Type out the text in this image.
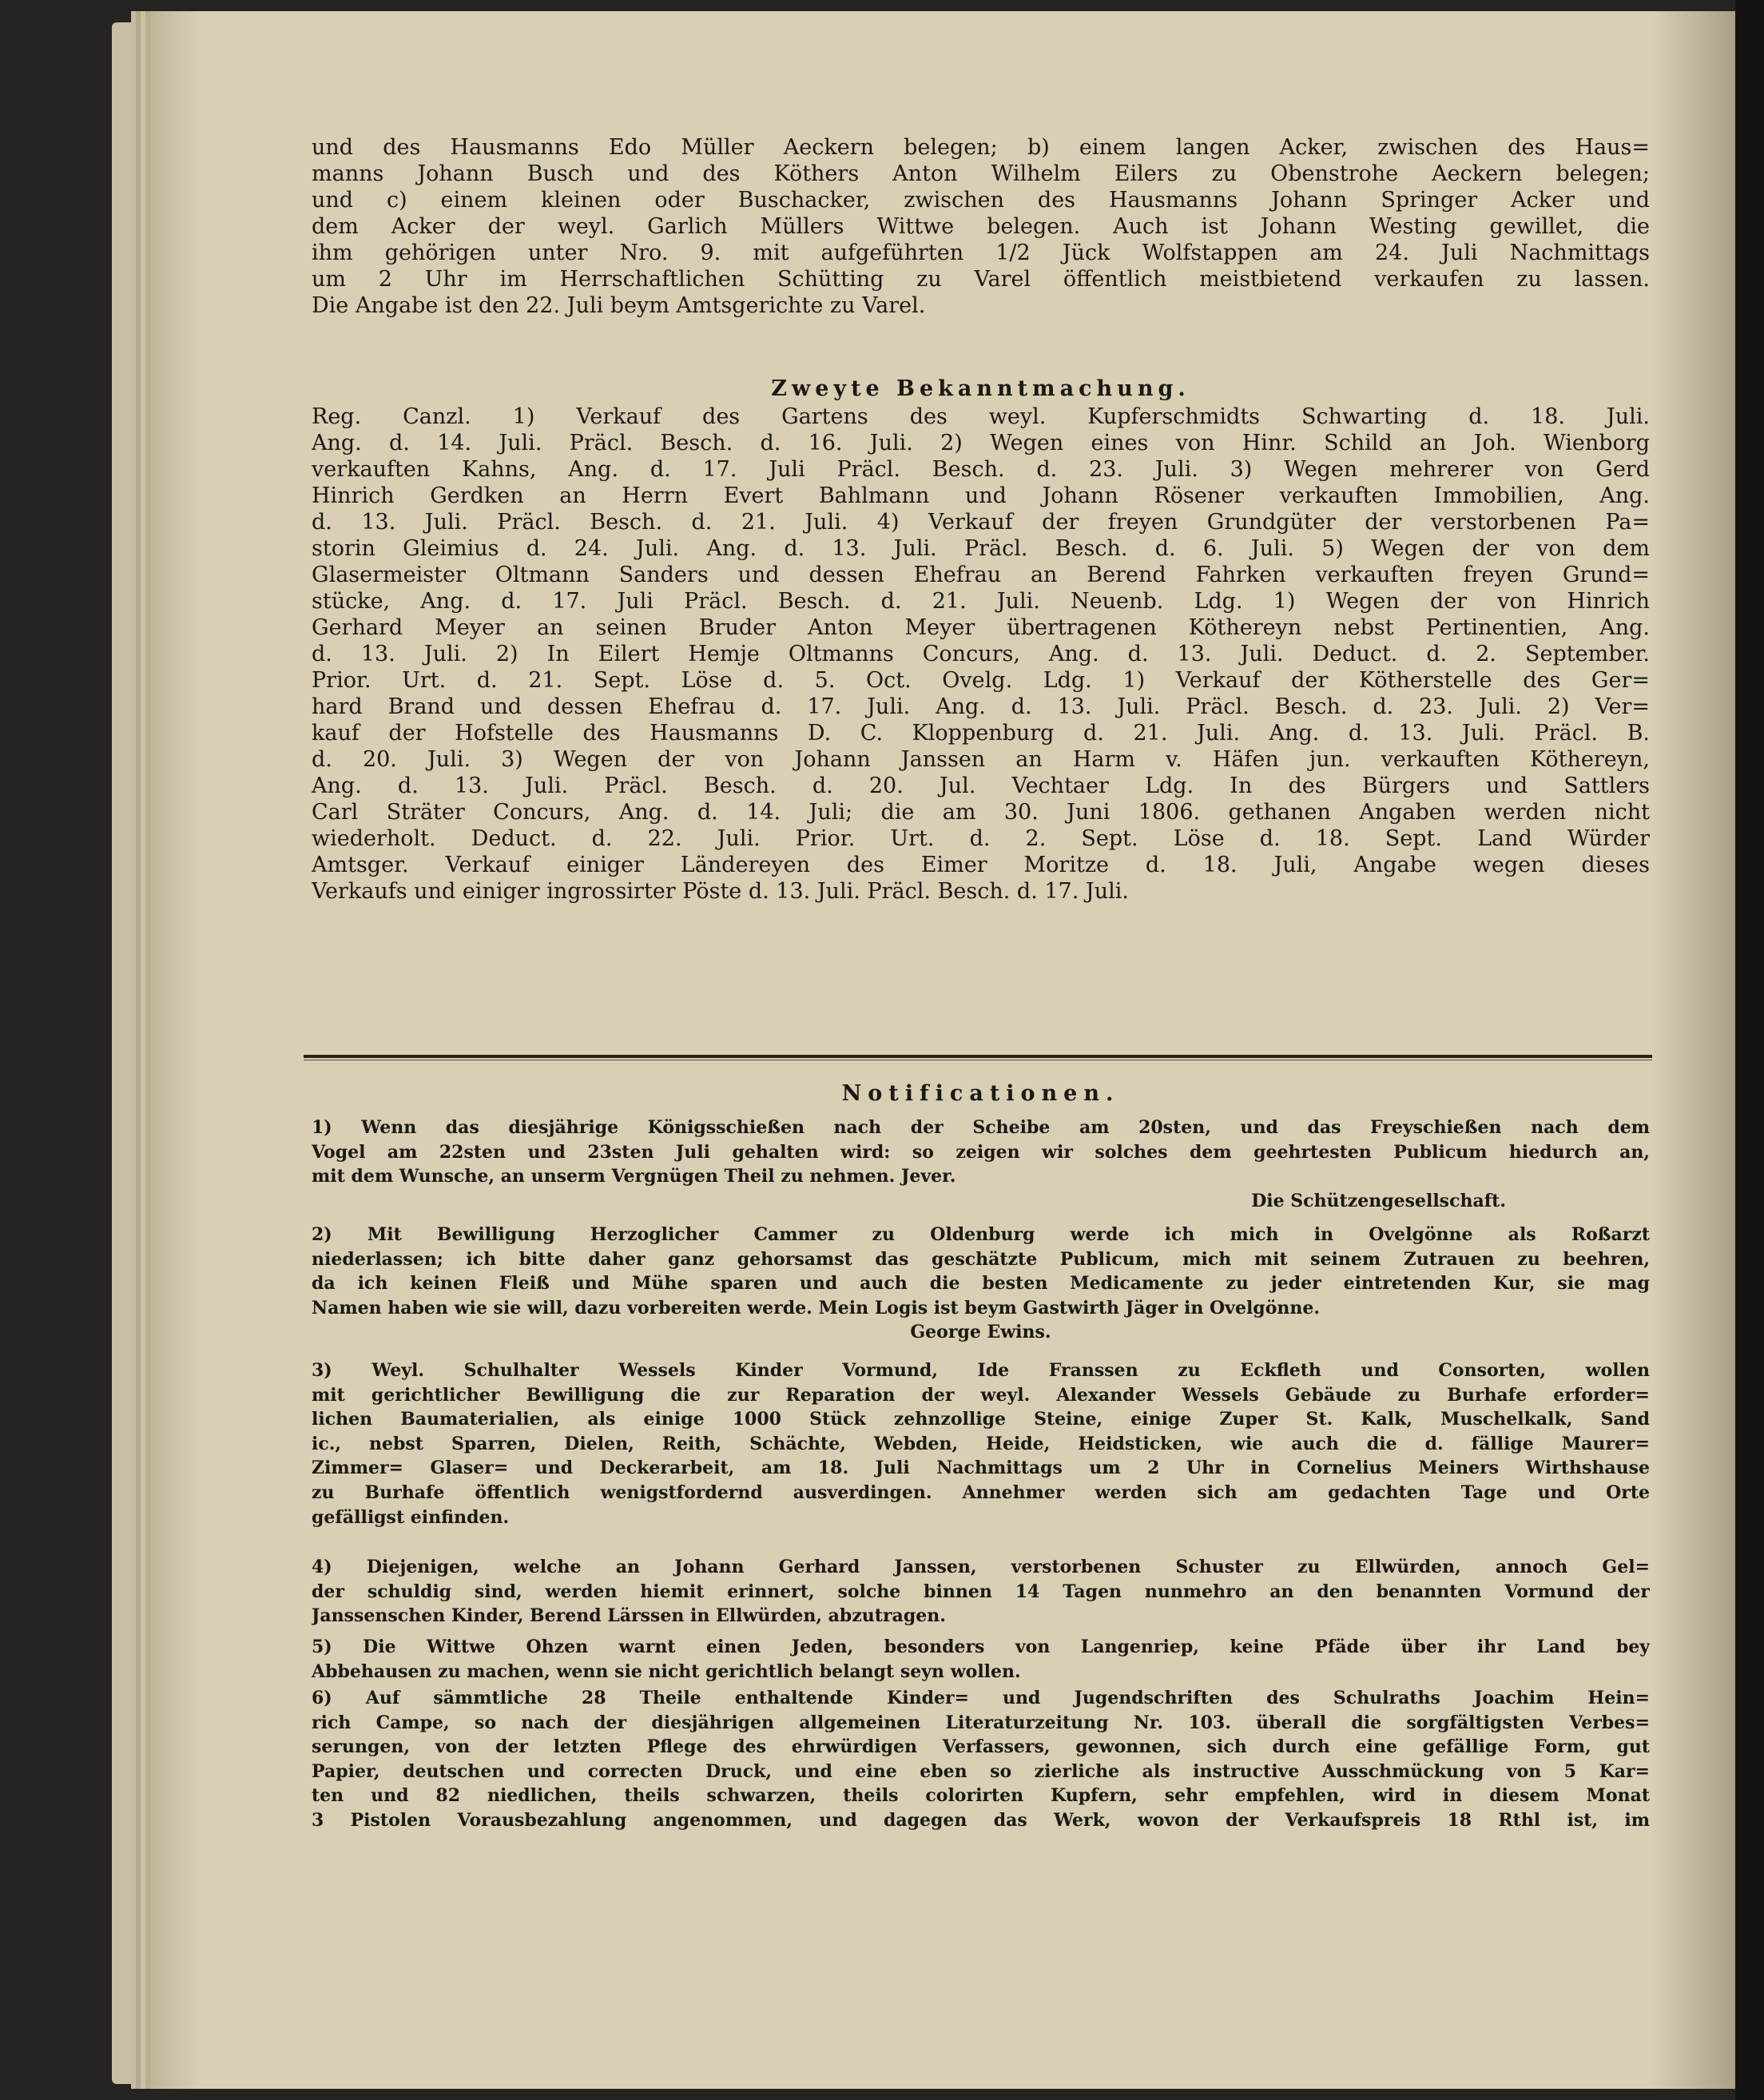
und des Hausmanns Edo Müller Aeckern belegen; b) einem langen Acker, zwischen des Haus=
manns Johann Busch und des Köthers Anton Wilhelm Eilers zu Obenstrohe Aeckern belegen;
und c) einem kleinen oder Buschacker, zwischen des Hausmanns Johann Springer Acker und
dem Acker der weyl. Garlich Müllers Wittwe belegen. Auch ist Johann Westing gewillet, die
ihm gehörigen unter Nro. 9. mit aufgeführten 1/2 Jück Wolfstappen am 24. Juli Nachmittags
um 2 Uhr im Herrschaftlichen Schütting zu Varel öffentlich meistbietend verkaufen zu lassen.
Die Angabe ist den 22. Juli beym Amtsgerichte zu Varel.
Zweyte Bekanntmachung.
Reg. Canzl. 1) Verkauf des Gartens des weyl. Kupferschmidts Schwarting d. 18. Juli.
Ang. d. 14. Juli. Präcl. Besch. d. 16. Juli. 2) Wegen eines von Hinr. Schild an Joh. Wienborg
verkauften Kahns, Ang. d. 17. Juli Präcl. Besch. d. 23. Juli. 3) Wegen mehrerer von Gerd
Hinrich Gerdken an Herrn Evert Bahlmann und Johann Rösener verkauften Immobilien, Ang.
d. 13. Juli. Präcl. Besch. d. 21. Juli. 4) Verkauf der freyen Grundgüter der verstorbenen Pa=
storin Gleimius d. 24. Juli. Ang. d. 13. Juli. Präcl. Besch. d. 6. Juli. 5) Wegen der von dem
Glasermeister Oltmann Sanders und dessen Ehefrau an Berend Fahrken verkauften freyen Grund=
stücke, Ang. d. 17. Juli Präcl. Besch. d. 21. Juli. Neuenb. Ldg. 1) Wegen der von Hinrich
Gerhard Meyer an seinen Bruder Anton Meyer übertragenen Köthereyn nebst Pertinentien, Ang.
d. 13. Juli. 2) In Eilert Hemje Oltmanns Concurs, Ang. d. 13. Juli. Deduct. d. 2. September.
Prior. Urt. d. 21. Sept. Löse d. 5. Oct. Ovelg. Ldg. 1) Verkauf der Kötherstelle des Ger=
hard Brand und dessen Ehefrau d. 17. Juli. Ang. d. 13. Juli. Präcl. Besch. d. 23. Juli. 2) Ver=
kauf der Hofstelle des Hausmanns D. C. Kloppenburg d. 21. Juli. Ang. d. 13. Juli. Präcl. B.
d. 20. Juli. 3) Wegen der von Johann Janssen an Harm v. Häfen jun. verkauften Köthereyn,
Ang. d. 13. Juli. Präcl. Besch. d. 20. Jul. Vechtaer Ldg. In des Bürgers und Sattlers
Carl Sträter Concurs, Ang. d. 14. Juli; die am 30. Juni 1806. gethanen Angaben werden nicht
wiederholt. Deduct. d. 22. Juli. Prior. Urt. d. 2. Sept. Löse d. 18. Sept. Land Würder
Amtsger. Verkauf einiger Ländereyen des Eimer Moritze d. 18. Juli, Angabe wegen dieses
Verkaufs und einiger ingrossirter Pöste d. 13. Juli. Präcl. Besch. d. 17. Juli.
Notificationen.
1) Wenn das diesjährige Königsschießen nach der Scheibe am 20sten, und das Freyschießen nach dem
Vogel am 22sten und 23sten Juli gehalten wird: so zeigen wir solches dem geehrtesten Publicum hiedurch an,
mit dem Wunsche, an unserm Vergnügen Theil zu nehmen. Jever.
Die Schützengesellschaft.
2) Mit Bewilligung Herzoglicher Cammer zu Oldenburg werde ich mich in Ovelgönne als Roßarzt
niederlassen; ich bitte daher ganz gehorsamst das geschätzte Publicum, mich mit seinem Zutrauen zu beehren,
da ich keinen Fleiß und Mühe sparen und auch die besten Medicamente zu jeder eintretenden Kur, sie mag
Namen haben wie sie will, dazu vorbereiten werde. Mein Logis ist beym Gastwirth Jäger in Ovelgönne.
George Ewins.
3) Weyl. Schulhalter Wessels Kinder Vormund, Ide Franssen zu Eckfleth und Consorten, wollen
mit gerichtlicher Bewilligung die zur Reparation der weyl. Alexander Wessels Gebäude zu Burhafe erforder=
lichen Baumaterialien, als einige 1000 Stück zehnzollige Steine, einige Zuper St. Kalk, Muschelkalk, Sand
ic., nebst Sparren, Dielen, Reith, Schächte, Webden, Heide, Heidsticken, wie auch die d. fällige Maurer=
Zimmer= Glaser= und Deckerarbeit, am 18. Juli Nachmittags um 2 Uhr in Cornelius Meiners Wirthshause
zu Burhafe öffentlich wenigstfordernd ausverdingen. Annehmer werden sich am gedachten Tage und Orte
gefälligst einfinden.
4) Diejenigen, welche an Johann Gerhard Janssen, verstorbenen Schuster zu Ellwürden, annoch Gel=
der schuldig sind, werden hiemit erinnert, solche binnen 14 Tagen nunmehro an den benannten Vormund der
Janssenschen Kinder, Berend Lärssen in Ellwürden, abzutragen.
5) Die Wittwe Ohzen warnt einen Jeden, besonders von Langenriep, keine Pfäde über ihr Land bey
Abbehausen zu machen, wenn sie nicht gerichtlich belangt seyn wollen.
6) Auf sämmtliche 28 Theile enthaltende Kinder= und Jugendschriften des Schulraths Joachim Hein=
rich Campe, so nach der diesjährigen allgemeinen Literaturzeitung Nr. 103. überall die sorgfältigsten Verbes=
serungen, von der letzten Pflege des ehrwürdigen Verfassers, gewonnen, sich durch eine gefällige Form, gut
Papier, deutschen und correcten Druck, und eine eben so zierliche als instructive Ausschmückung von 5 Kar=
ten und 82 niedlichen, theils schwarzen, theils colorirten Kupfern, sehr empfehlen, wird in diesem Monat
3 Pistolen Vorausbezahlung angenommen, und dagegen das Werk, wovon der Verkaufspreis 18 Rthl ist, im
